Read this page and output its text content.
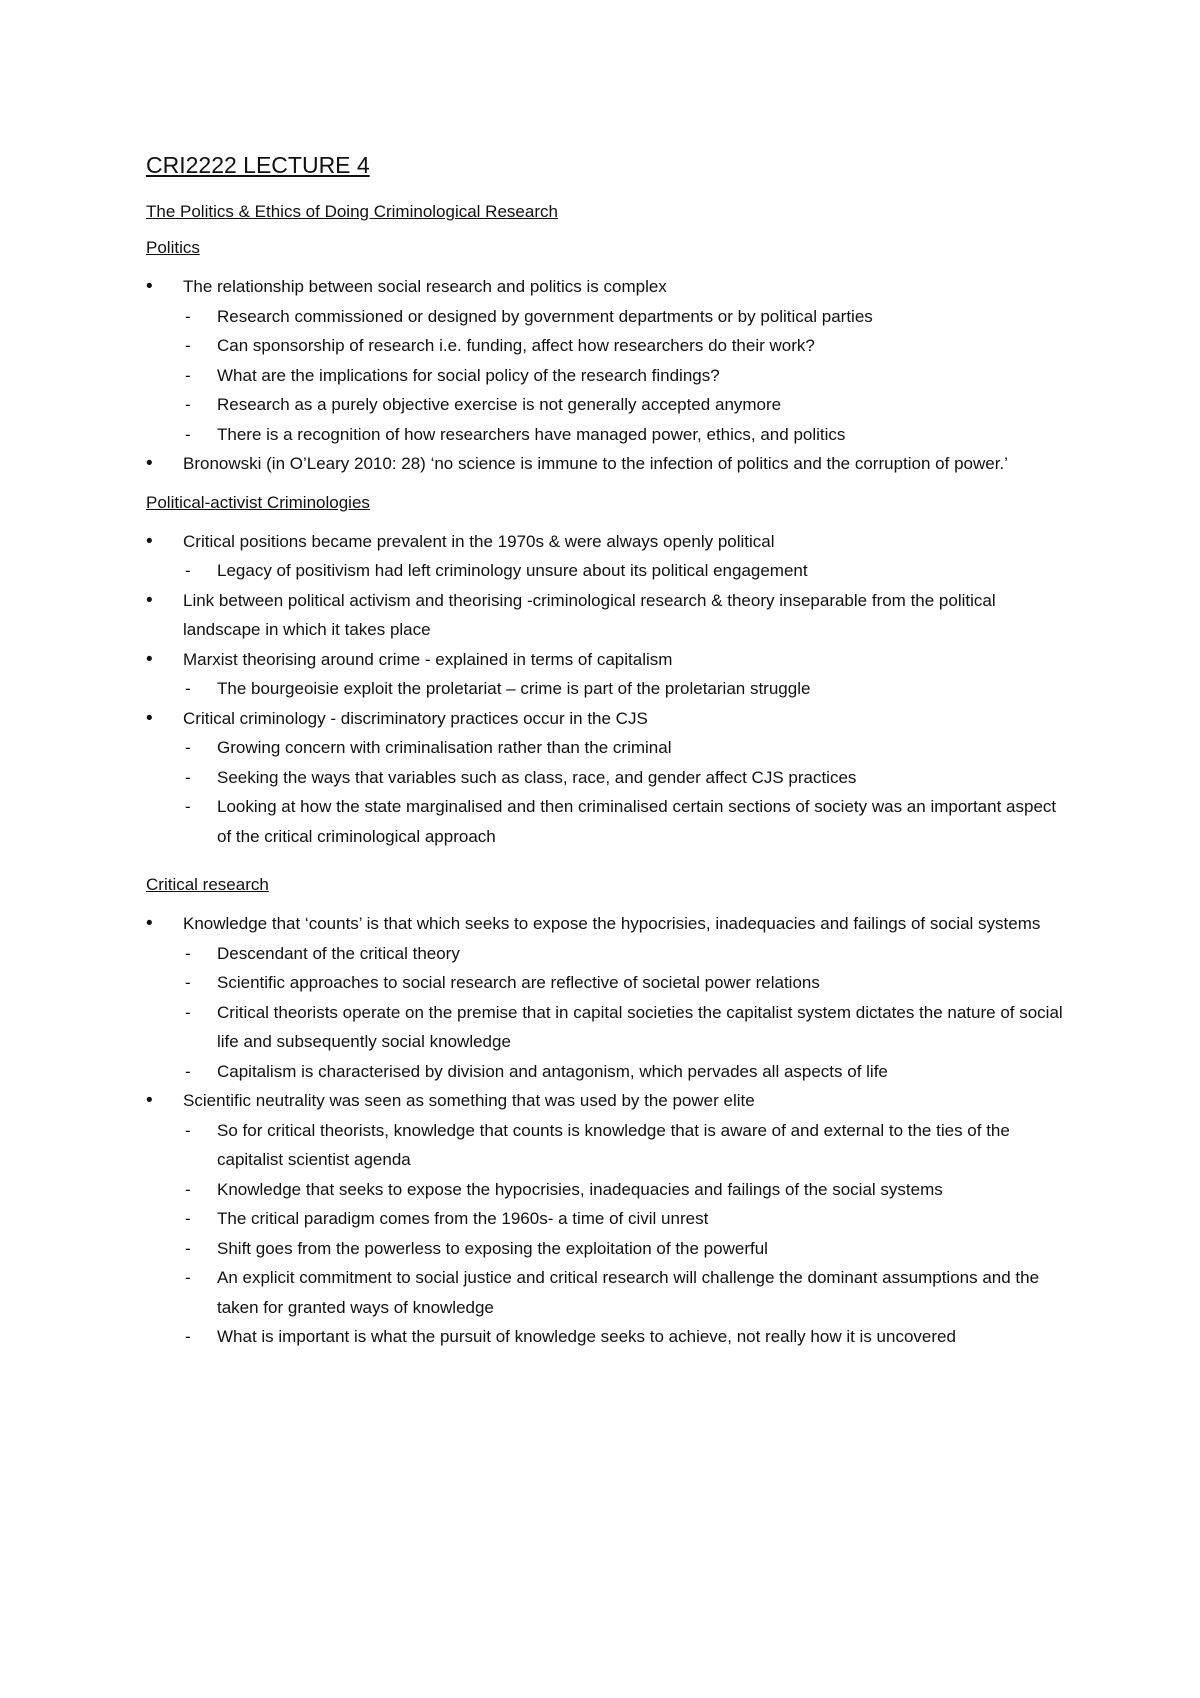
CRI2222 LECTURE 4
The Politics & Ethics of Doing Criminological Research
Politics
• The relationship between social research and politics is complex
- Research commissioned or designed by government departments or by political parties
- Can sponsorship of research i.e. funding, affect how researchers do their work?
- What are the implications for social policy of the research findings?
- Research as a purely objective exercise is not generally accepted anymore
- There is a recognition of how researchers have managed power, ethics, and politics
• Bronowski (in O’Leary 2010: 28) ‘no science is immune to the infection of politics and the corruption of power.’
Political-activist Criminologies
• Critical positions became prevalent in the 1970s & were always openly political
- Legacy of positivism had left criminology unsure about its political engagement
• Link between political activism and theorising -criminological research & theory inseparable from the political landscape in which it takes place
• Marxist theorising around crime - explained in terms of capitalism
- The bourgeoisie exploit the proletariat – crime is part of the proletarian struggle
• Critical criminology - discriminatory practices occur in the CJS
- Growing concern with criminalisation rather than the criminal
- Seeking the ways that variables such as class, race, and gender affect CJS practices
- Looking at how the state marginalised and then criminalised certain sections of society was an important aspect of the critical criminological approach
Critical research
• Knowledge that ‘counts’ is that which seeks to expose the hypocrisies, inadequacies and failings of social systems
- Descendant of the critical theory
- Scientific approaches to social research are reflective of societal power relations
- Critical theorists operate on the premise that in capital societies the capitalist system dictates the nature of social life and subsequently social knowledge
- Capitalism is characterised by division and antagonism, which pervades all aspects of life
• Scientific neutrality was seen as something that was used by the power elite
- So for critical theorists, knowledge that counts is knowledge that is aware of and external to the ties of the capitalist scientist agenda
- Knowledge that seeks to expose the hypocrisies, inadequacies and failings of the social systems
- The critical paradigm comes from the 1960s- a time of civil unrest
- Shift goes from the powerless to exposing the exploitation of the powerful
- An explicit commitment to social justice and critical research will challenge the dominant assumptions and the taken for granted ways of knowledge
- What is important is what the pursuit of knowledge seeks to achieve, not really how it is uncovered
